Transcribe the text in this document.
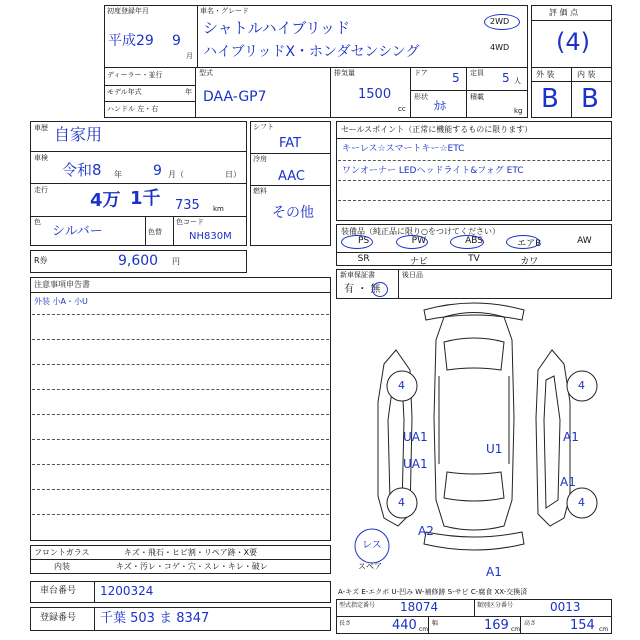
初度登録年月
平成29 9
月
車名・グレード
シャトルハイブリッド
ハイブリッドX・ホンダセンシング
2WD
4WD
ディーラー・並行
モデル年式	年
ハンドル 左・右
型式
DAA-GP7
排気量
1500
cc
ドア 5 定員 5 人
形状
ｶﾎ
積載
kg
評 価 点
(4)
外 装	内 装
B B
車歴 自家用
車検
令和8 年 9 月（	日）
走行 4万 1千 735 km
色
シルバー	色替
色コード
NH830M
シフト
FAT
冷房
AAC
燃料
その他
R券	9,600 円
セールスポイント（正常に機能するものに限ります）
キーレス☆スマートキー☆ETC
ワンオーナー LEDヘッドライト&フォグ ETC
装備品（純正品に限り○をつけてください）
PS	PW	ABS	エアB	AW
SR	ナビ	TV	カワ
新車保証書
有 ・ 無
後日品
注意事項申告書
外装 小A・小U
4	4
4	4
UA1
U1
A1
UA1
A1
A2
A1
レス
スペア
フロントガラス	キズ・飛石・ヒビ割・リペア跡・X要
内装	キズ・汚レ・コゲ・穴・スレ・キレ・破レ
車台番号 1200324
登録番号 千葉 503 ま 8347
A-キズ E-エクボ U-凹み W-補修跡 S-サビ C-腐食 XX-交換済
型式指定番号 18074	類別区分番号	0013
長さ	440 cm
幅	169 cm
高さ	154 cm
